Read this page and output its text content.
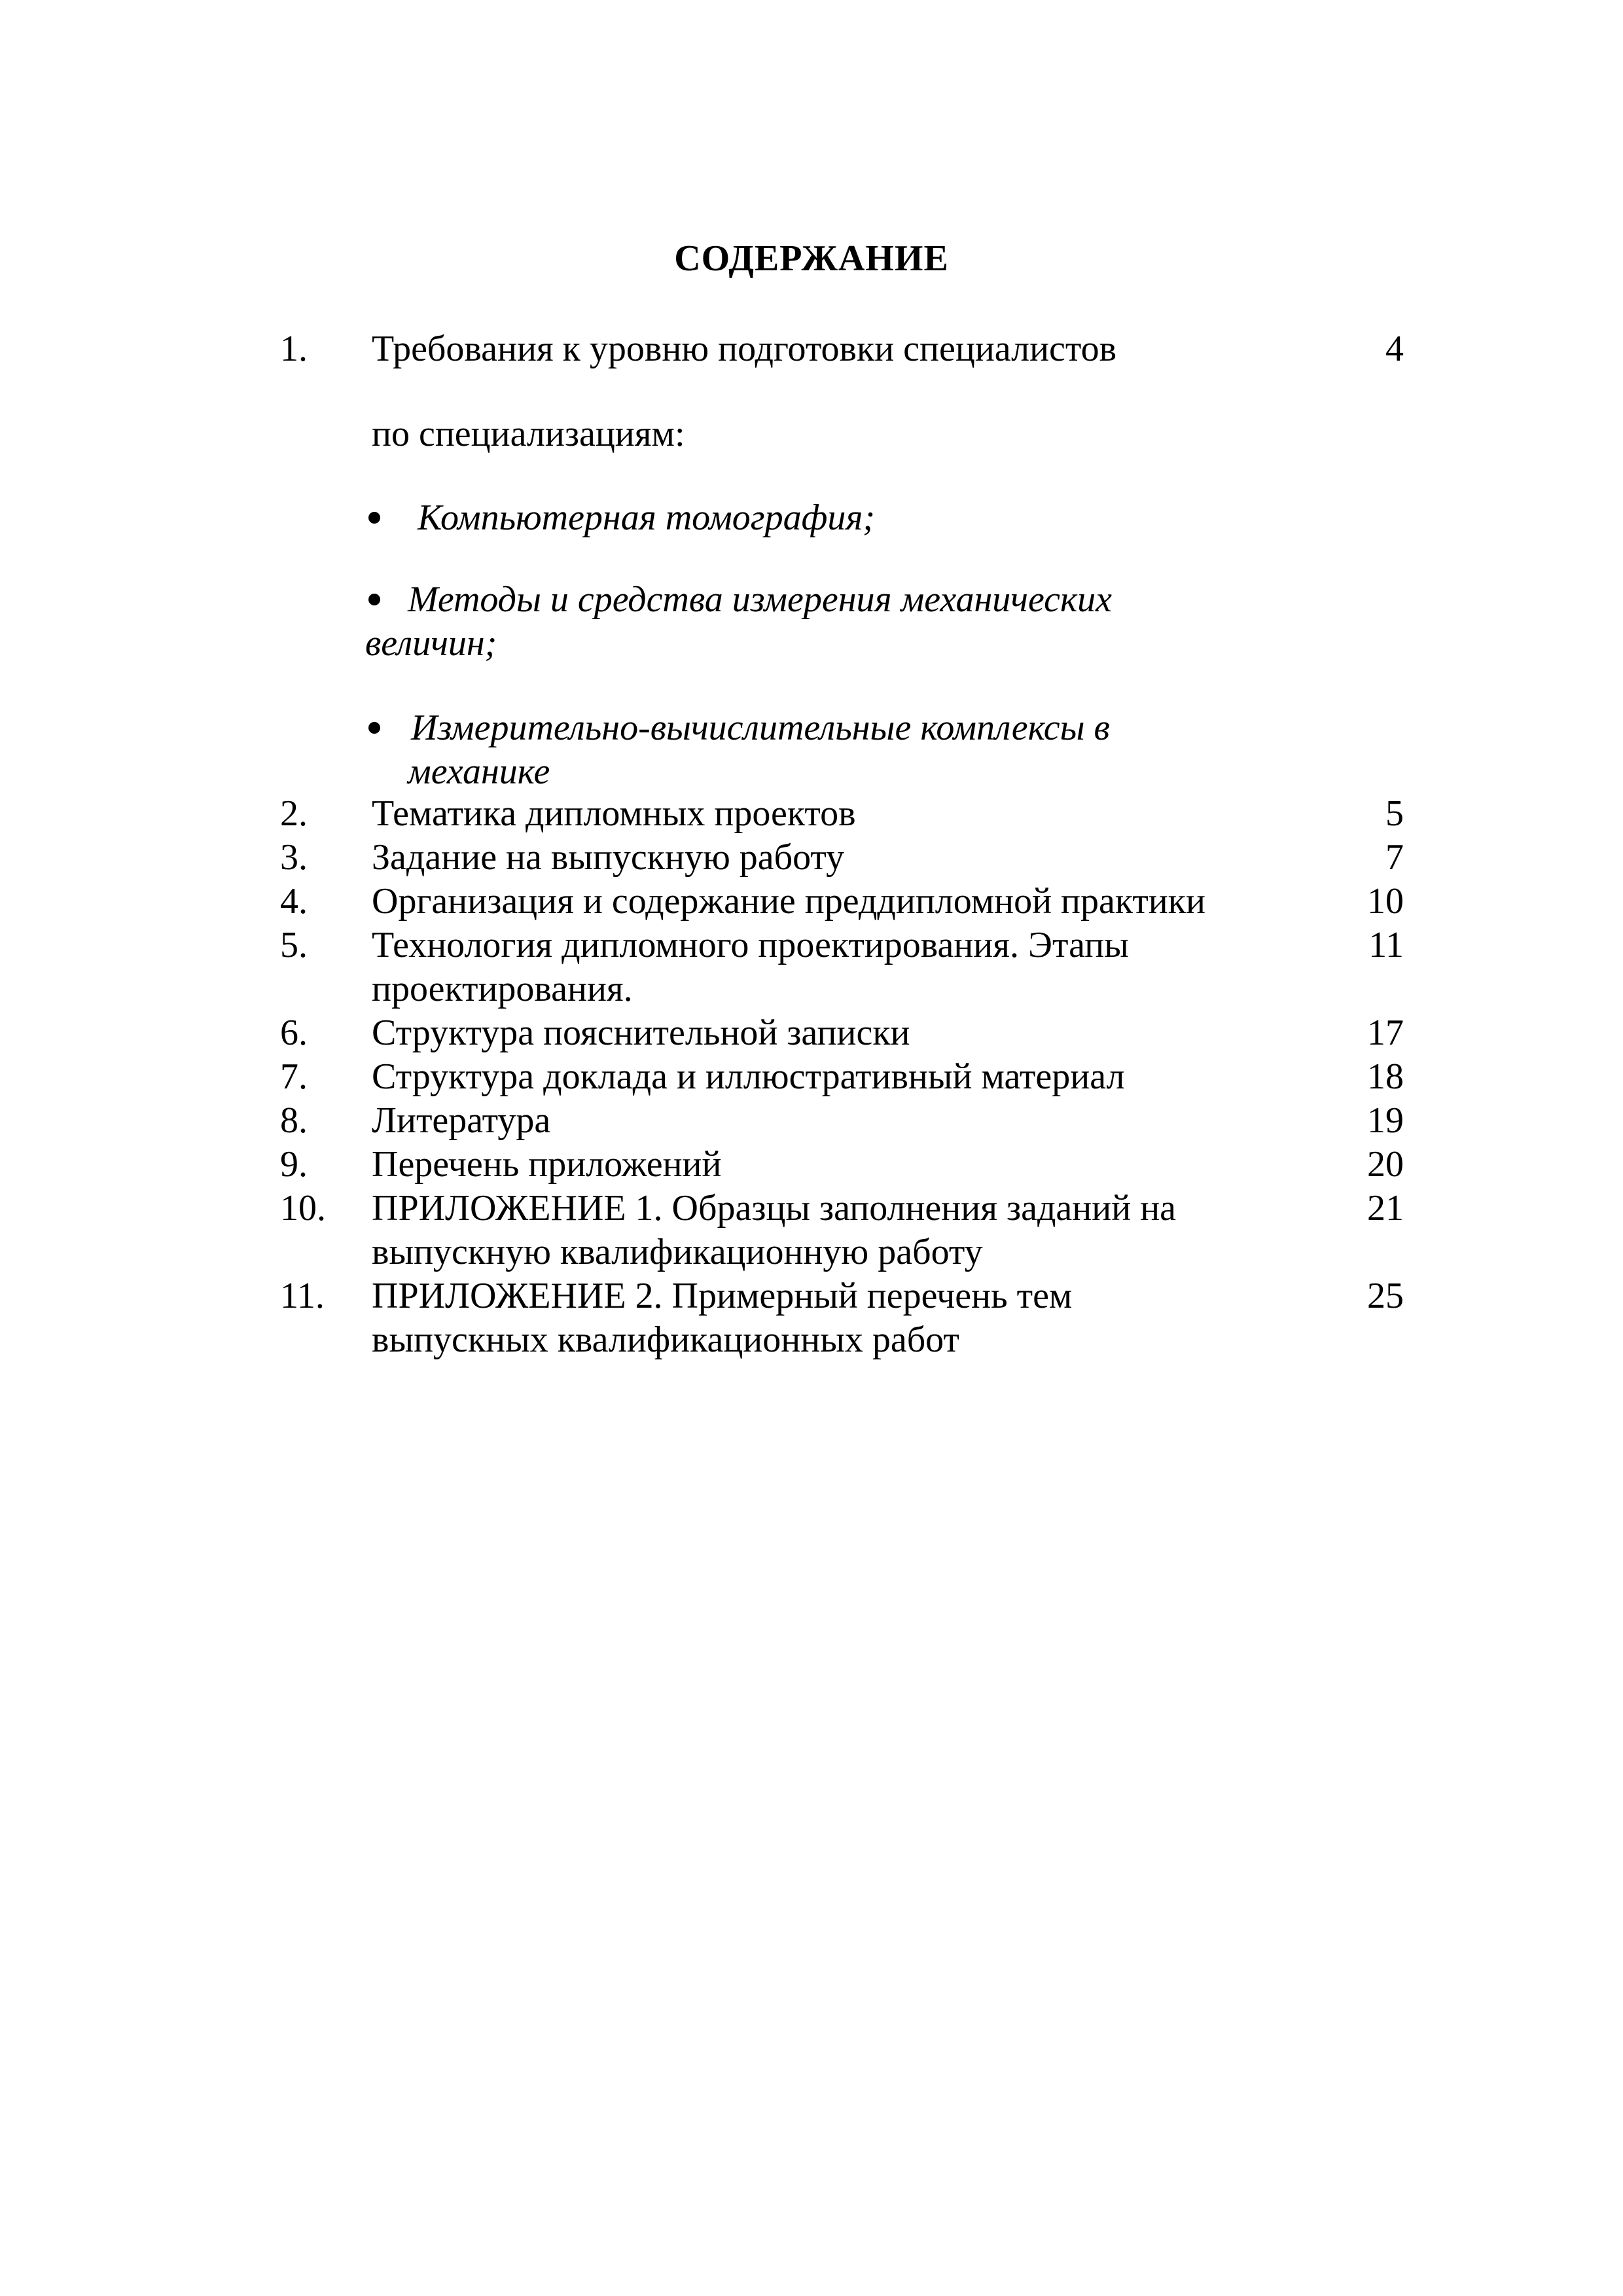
СОДЕРЖАНИЕ
1. Требования к уровню подготовки специалистов	4
по специализациям:
Компьютерная томография;
Методы и средства измерения механических
величин;
Измерительно-вычислительные комплексы в
механике
2. Тематика дипломных проектов	5
3. Задание на выпускную работу	7
4. Организация и содержание преддипломной практики	10
5. Технология дипломного проектирования. Этапы	11
проектирования.
6. Структура пояснительной записки	17
7. Структура доклада и иллюстративный материал	18
8. Литература	19
9. Перечень приложений	20
10. ПРИЛОЖЕНИЕ 1. Образцы заполнения заданий на	21
выпускную квалификационную работу
11. ПРИЛОЖЕНИЕ 2. Примерный перечень тем	25
выпускных квалификационных работ
